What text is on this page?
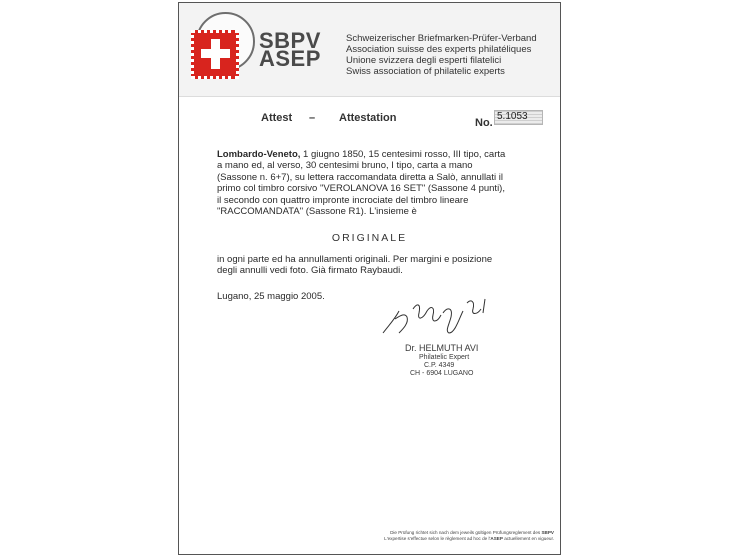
SBPV
ASEP
Schweizerischer Briefmarken-Prüfer-Verband
Association suisse des experts philatéliques
Unione svizzera degli esperti filatelici
Swiss association of philatelic experts
Attest – Attestation	No.
5.1053
Lombardo-Veneto, 1 giugno 1850, 15 centesimi rosso, III tipo, carta
a mano ed, al verso, 30 centesimi bruno, I tipo, carta a mano
(Sassone n. 6+7), su lettera raccomandata diretta a Salò, annullati il
primo col timbro corsivo "VEROLANOVA 16 SET" (Sassone 4 punti),
il secondo con quattro impronte incrociate del timbro lineare
"RACCOMANDATA" (Sassone R1). L'insieme è
ORIGINALE
in ogni parte ed ha annullamenti originali. Per margini e posizione
degli annulli vedi foto. Già firmato Raybaudi.
Lugano, 25 maggio 2005.
Dr. HELMUTH AVI
Philatelic Expert
C.P. 4349
CH - 6904 LUGANO
Die Prüfung richtet sich nach dem jeweils gültigen Prüfungsreglement des SBPV
L'expertise s'effectue selon le règlement ad hoc de l'ASEP actuellement en vigueur.
